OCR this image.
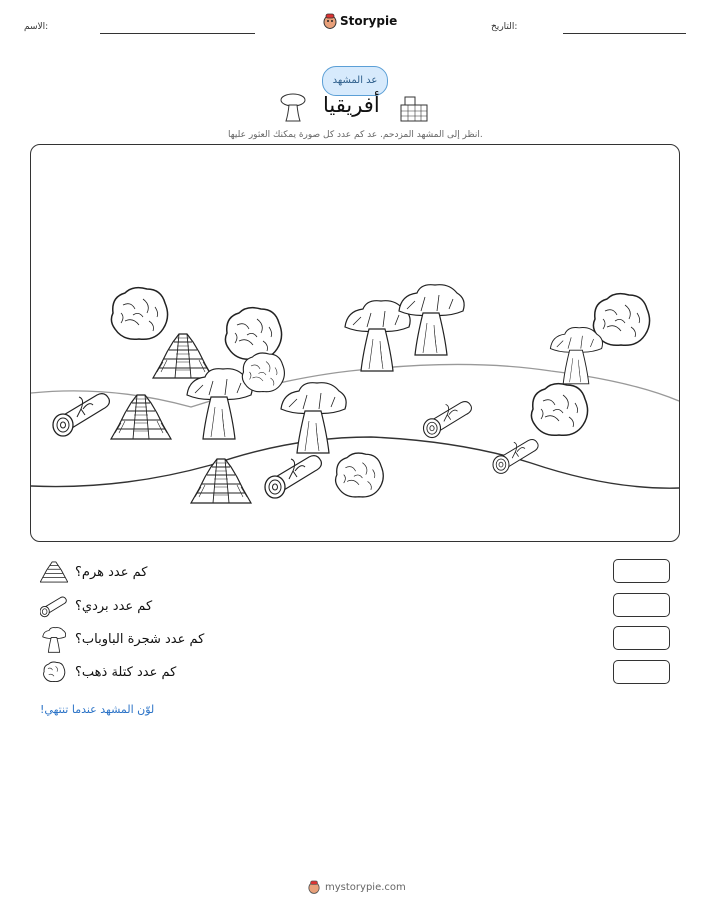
الاسم:	Storypie	التاريخ:
عد المشهد
أفريقيا
انظر إلى المشهد المزدحم. عد كم عدد كل صورة يمكنك العثور عليها.
كم عدد هرم؟
كم عدد بردي؟
كم عدد شجرة الباوباب؟
كم عدد كتلة ذهب؟
لوّن المشهد عندما تنتهي!
mystorypie.com
